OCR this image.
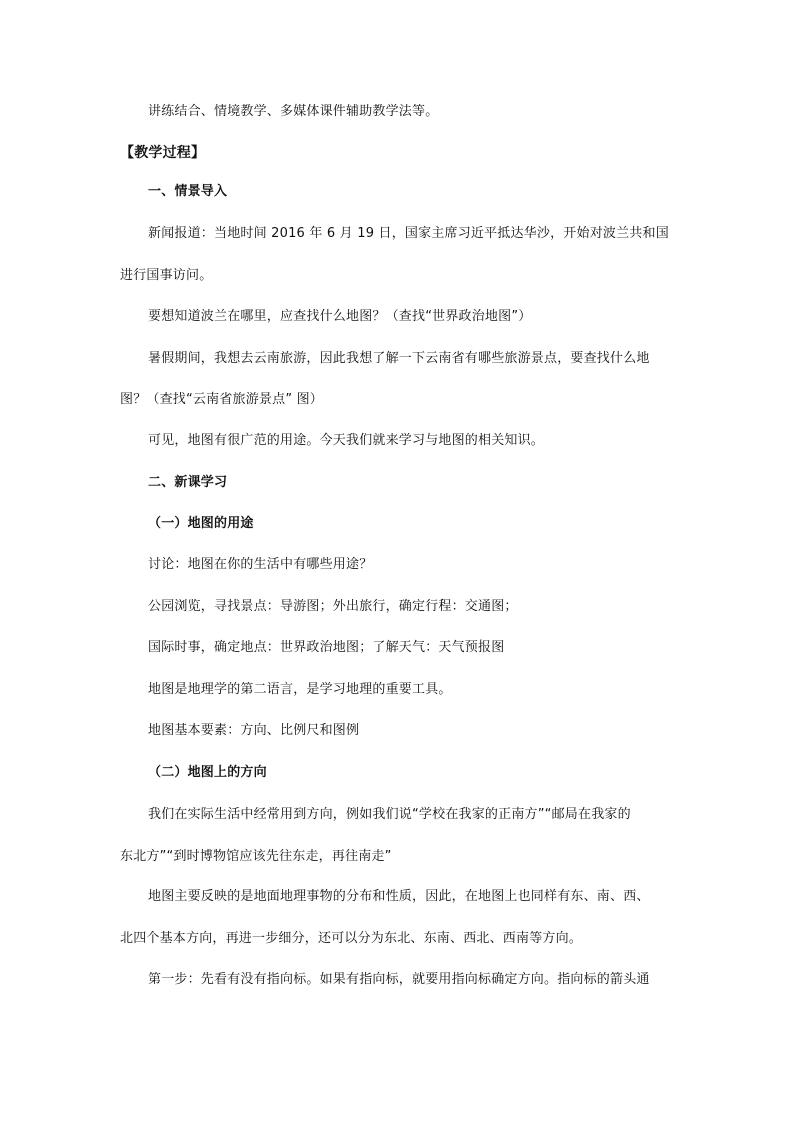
讲练结合、情境教学、多媒体课件辅助教学法等。
【教学过程】
一、情景导入
新闻报道：当地时间 2016 年 6 月 19 日，国家主席习近平抵达华沙，开始对波兰共和国
进行国事访问。
要想知道波兰在哪里，应查找什么地图？（查找“世界政治地图”）
暑假期间，我想去云南旅游，因此我想了解一下云南省有哪些旅游景点，要查找什么地
图？（查找“云南省旅游景点” 图）
可见，地图有很广范的用途。今天我们就来学习与地图的相关知识。
二、新课学习
（一）地图的用途
讨论：地图在你的生活中有哪些用途？
公园浏览，寻找景点：导游图；外出旅行，确定行程：交通图；
国际时事，确定地点：世界政治地图；了解天气：天气预报图
地图是地理学的第二语言，是学习地理的重要工具。
地图基本要素：方向、比例尺和图例
（二）地图上的方向
我们在实际生活中经常用到方向，例如我们说“学校在我家的正南方”“邮局在我家的
东北方”“到时博物馆应该先往东走，再往南走”
地图主要反映的是地面地理事物的分布和性质，因此，在地图上也同样有东、南、西、
北四个基本方向，再进一步细分，还可以分为东北、东南、西北、西南等方向。
第一步：先看有没有指向标。如果有指向标，就要用指向标确定方向。指向标的箭头通
